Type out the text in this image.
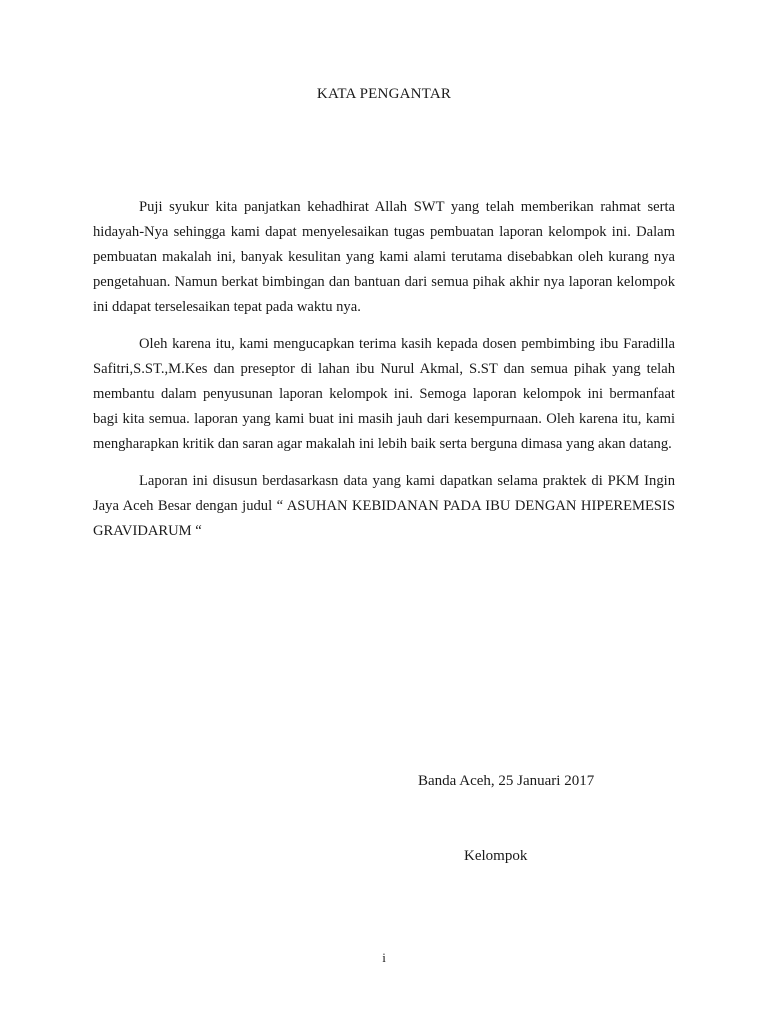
KATA PENGANTAR

Puji syukur kita panjatkan kehadhirat Allah SWT yang telah memberikan rahmat serta hidayah-Nya sehingga kami dapat menyelesaikan tugas pembuatan laporan kelompok ini. Dalam pembuatan makalah ini, banyak kesulitan yang kami alami terutama disebabkan oleh kurang nya pengetahuan. Namun berkat bimbingan dan bantuan dari semua pihak akhir nya laporan kelompok ini ddapat terselesaikan tepat pada waktu nya.

Oleh karena itu, kami mengucapkan terima kasih kepada dosen pembimbing ibu Faradilla Safitri,S.ST.,M.Kes dan preseptor di lahan ibu Nurul Akmal, S.ST dan semua pihak yang telah membantu dalam penyusunan laporan kelompok ini. Semoga laporan kelompok ini bermanfaat bagi kita semua. laporan yang kami buat ini masih jauh dari kesempurnaan. Oleh karena itu, kami mengharapkan kritik dan saran agar makalah ini lebih baik serta berguna dimasa yang akan datang.

Laporan ini disusun berdasarkasn data yang kami dapatkan selama praktek di PKM Ingin Jaya Aceh Besar dengan judul “ ASUHAN KEBIDANAN PADA IBU DENGAN HIPEREMESIS GRAVIDARUM “

Banda Aceh, 25 Januari 2017
Kelompok
i
